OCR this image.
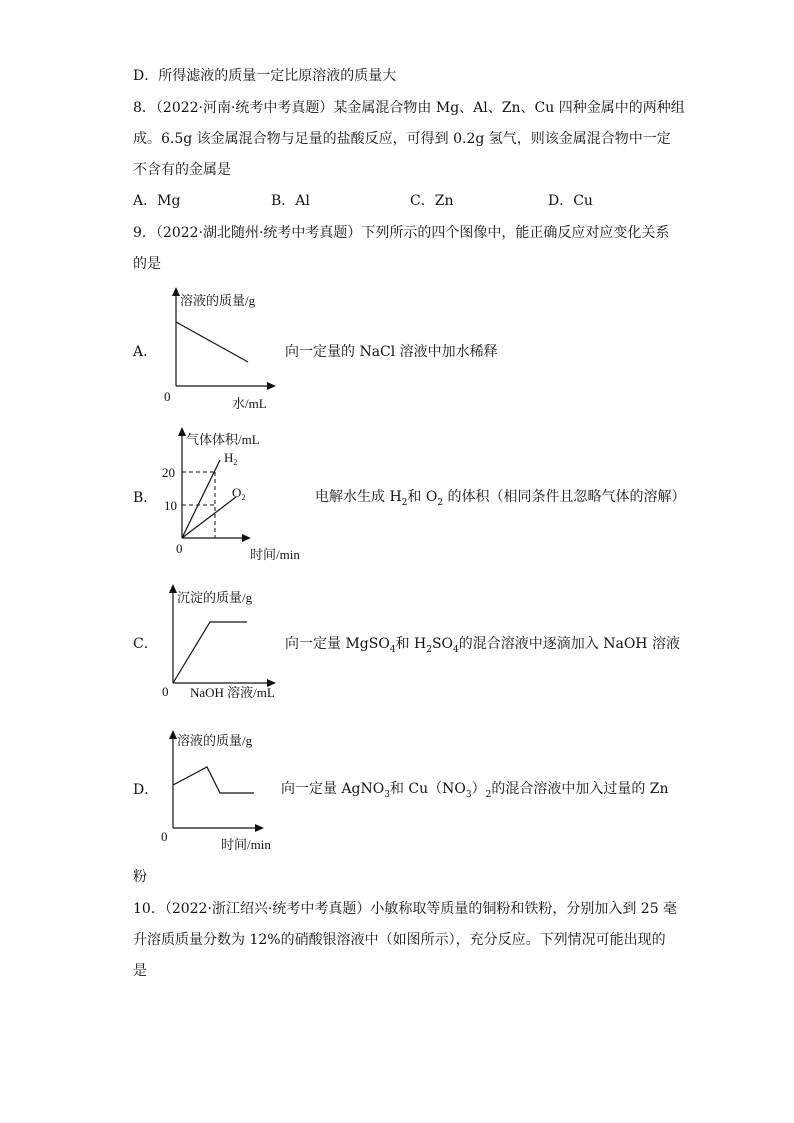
D．所得滤液的质量一定比原溶液的质量大
8．（2022·河南·统考中考真题）某金属混合物由 Mg、Al、Zn、Cu 四种金属中的两种组
成。6.5g 该金属混合物与足量的盐酸反应，可得到 0.2g 氢气，则该金属混合物中一定
不含有的金属是
A．Mg	B．Al	C．Zn	D．Cu
9．（2022·湖北随州·统考中考真题）下列所示的四个图像中，能正确反应对应变化关系
的是
A．
溶液的质量/g
0	水/mL
向一定量的 NaCl 溶液中加水稀释
B．
$H_2$
$O_2$
20
10
0	时间/min
气体体积/mL
电解水生成 $H_2$和 $O_2$ 的体积（相同条件且忽略气体的溶解）
C．
沉淀的质量/g
0 NaOH 溶液/mL
向一定量 MgSO$_4$和 $H_2SO_4$的混合溶液中逐滴加入 NaOH 溶液
D．
溶液的质量/g
0
时间/min
向一定量 AgNO$_3$和 $Cu(NO_3)_2$的混合溶液中加入过量的 Zn
粉
10．（2022·浙江绍兴·统考中考真题）小敏称取等质量的铜粉和铁粉，分别加入到 25 毫
升溶质质量分数为 12%的硝酸银溶液中（如图所示），充分反应。下列情况可能出现的
是
